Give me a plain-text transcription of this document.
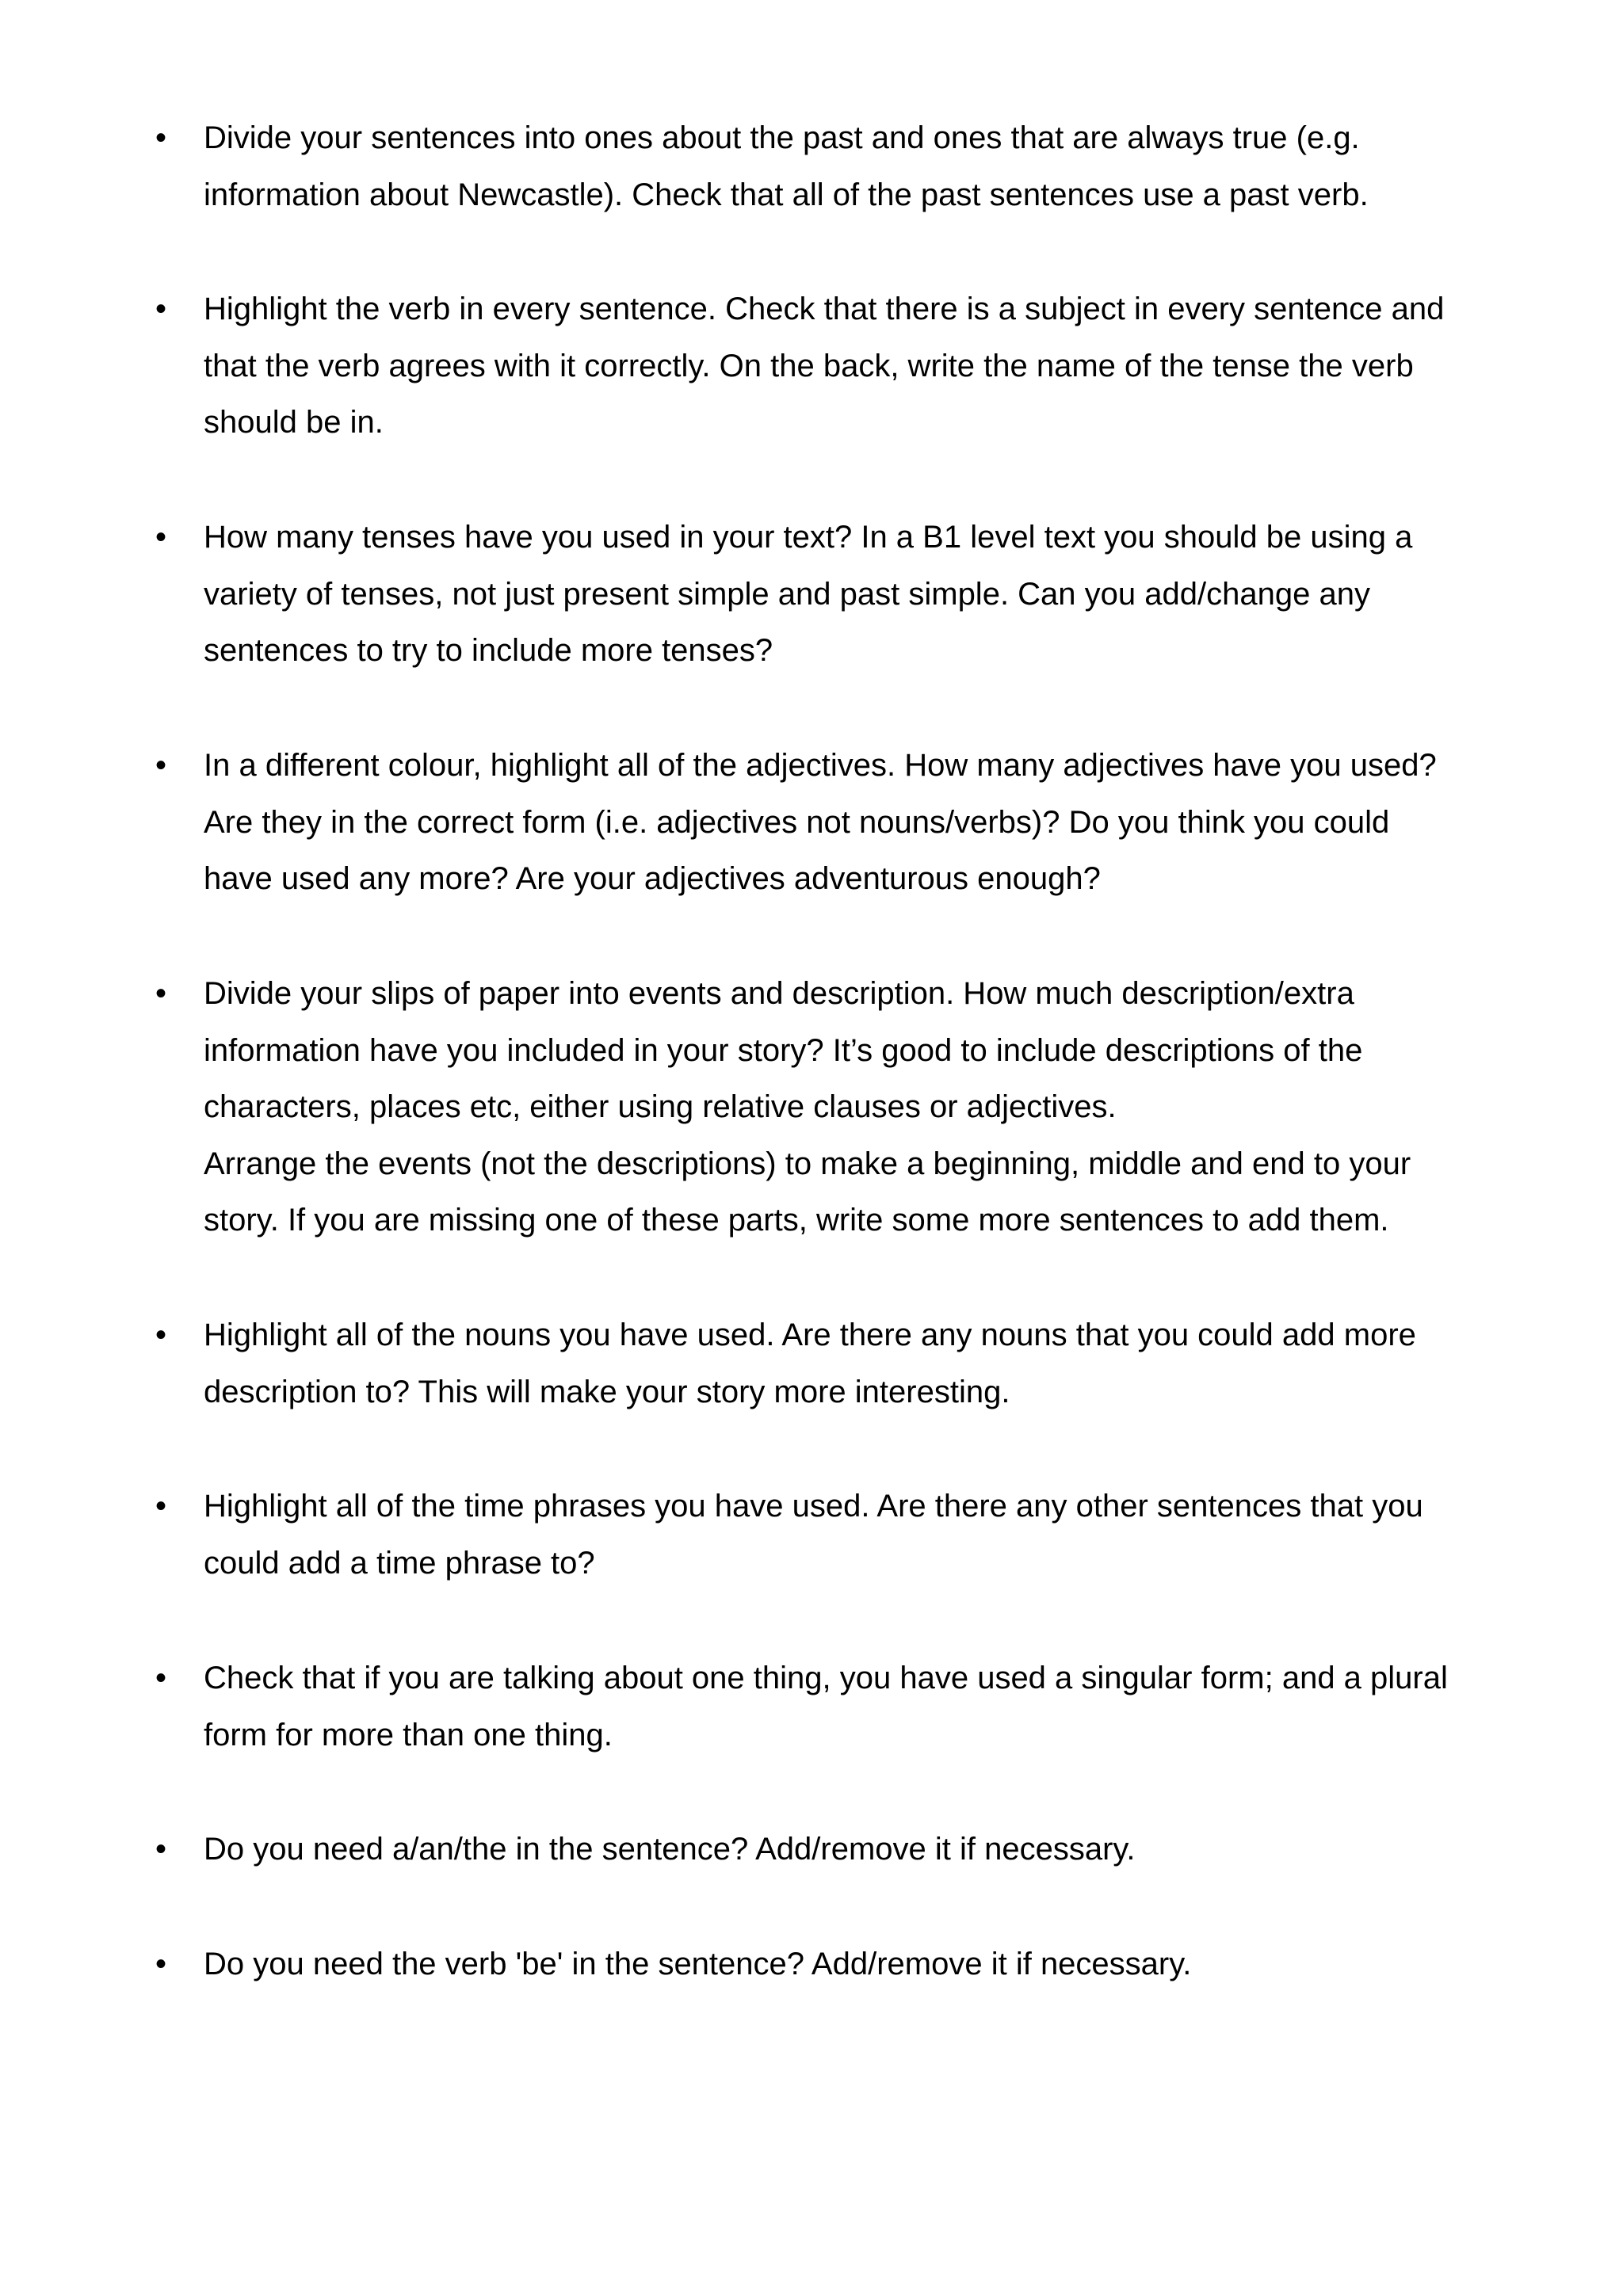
• Divide your sentences into ones about the past and ones that are always true (e.g.
information about Newcastle). Check that all of the past sentences use a past verb.
• Highlight the verb in every sentence. Check that there is a subject in every sentence and
that the verb agrees with it correctly. On the back, write the name of the tense the verb
should be in.
• How many tenses have you used in your text? In a B1 level text you should be using a
variety of tenses, not just present simple and past simple. Can you add/change any
sentences to try to include more tenses?
• In a different colour, highlight all of the adjectives. How many adjectives have you used?
Are they in the correct form (i.e. adjectives not nouns/verbs)? Do you think you could
have used any more? Are your adjectives adventurous enough?
• Divide your slips of paper into events and description. How much description/extra
information have you included in your story? It’s good to include descriptions of the
characters, places etc, either using relative clauses or adjectives.
Arrange the events (not the descriptions) to make a beginning, middle and end to your
story. If you are missing one of these parts, write some more sentences to add them.
• Highlight all of the nouns you have used. Are there any nouns that you could add more
description to? This will make your story more interesting.
• Highlight all of the time phrases you have used. Are there any other sentences that you
could add a time phrase to?
• Check that if you are talking about one thing, you have used a singular form; and a plural
form for more than one thing.
• Do you need a/an/the in the sentence? Add/remove it if necessary.
• Do you need the verb 'be' in the sentence? Add/remove it if necessary.
